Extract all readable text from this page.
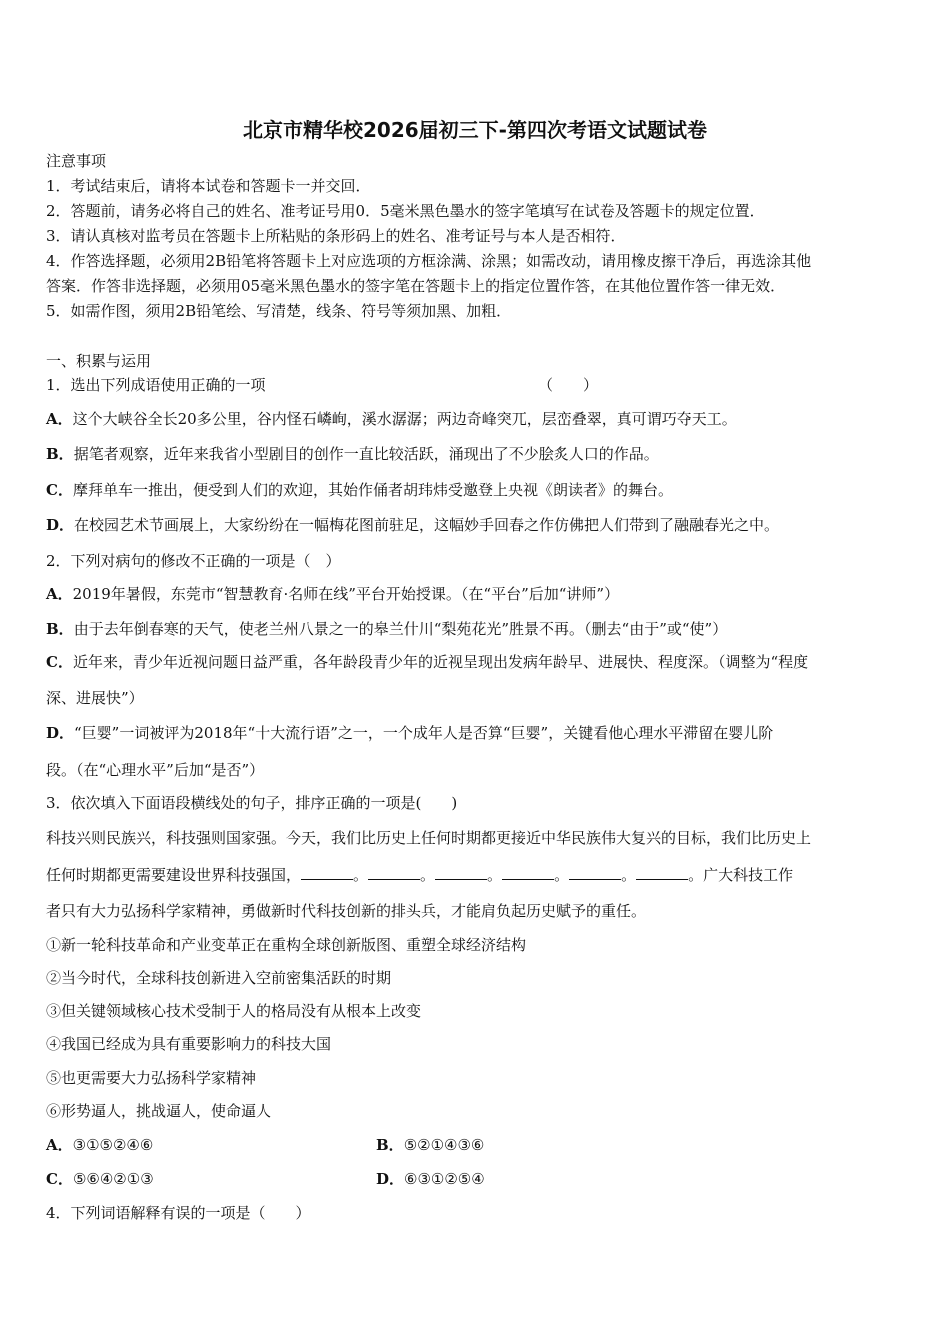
北京市精华校2026届初三下-第四次考语文试题试卷
注意事项
1．考试结束后，请将本试卷和答题卡一并交回．
2．答题前，请务必将自己的姓名、准考证号用0．5毫米黑色墨水的签字笔填写在试卷及答题卡的规定位置．
3．请认真核对监考员在答题卡上所粘贴的条形码上的姓名、准考证号与本人是否相符．
4．作答选择题，必须用2B铅笔将答题卡上对应选项的方框涂满、涂黑；如需改动，请用橡皮擦干净后，再选涂其他
答案．作答非选择题，必须用05毫米黑色墨水的签字笔在答题卡上的指定位置作答，在其他位置作答一律无效．
5．如需作图，须用2B铅笔绘、写清楚，线条、符号等须加黑、加粗．
一、积累与运用
1．选出下列成语使用正确的一项	（　　）
A．这个大峡谷全长20多公里，谷内怪石嶙峋，溪水潺潺；两边奇峰突兀，层峦叠翠，真可谓巧夺天工。
B．据笔者观察，近年来我省小型剧目的创作一直比较活跃，涌现出了不少脍炙人口的作品。
C．摩拜单车一推出，便受到人们的欢迎，其始作俑者胡玮炜受邀登上央视《朗读者》的舞台。
D．在校园艺术节画展上，大家纷纷在一幅梅花图前驻足，这幅妙手回春之作仿佛把人们带到了融融春光之中。
2．下列对病句的修改不正确的一项是（　）
A．2019年暑假，东莞市“智慧教育·名师在线”平台开始授课。（在“平台”后加“讲师”）
B．由于去年倒春寒的天气，使老兰州八景之一的皋兰什川“梨苑花光”胜景不再。（删去“由于”或“使”）
C．近年来，青少年近视问题日益严重，各年龄段青少年的近视呈现出发病年龄早、进展快、程度深。（调整为“程度
深、进展快”）
D．“巨婴”一词被评为2018年“十大流行语”之一，一个成年人是否算“巨婴”，关键看他心理水平滞留在婴儿阶
段。（在“心理水平”后加“是否”）
3．依次填入下面语段横线处的句子，排序正确的一项是(　　)
科技兴则民族兴，科技强则国家强。今天，我们比历史上任何时期都更接近中华民族伟大复兴的目标，我们比历史上
任何时期都更需要建设世界科技强国，	。	。	。	。	。	。广大科技工作
者只有大力弘扬科学家精神，勇做新时代科技创新的排头兵，才能肩负起历史赋予的重任。
①新一轮科技革命和产业变革正在重构全球创新版图、重塑全球经济结构
②当今时代，全球科技创新进入空前密集活跃的时期
③但关键领域核心技术受制于人的格局没有从根本上改变
④我国已经成为具有重要影响力的科技大国
⑤也更需要大力弘扬科学家精神
⑥形势逼人，挑战逼人，使命逼人
A．③①⑤②④⑥	B．⑤②①④③⑥
C．⑤⑥④②①③	D．⑥③①②⑤④
4．下列词语解释有误的一项是（　　）
